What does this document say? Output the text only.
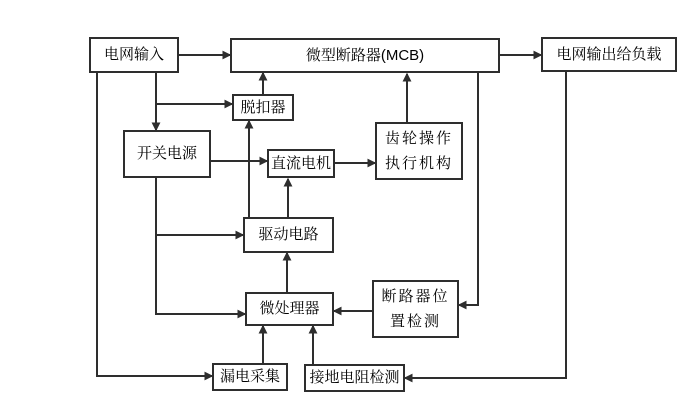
电网输入	微型断路器(MCB)	电网输出给负载
脱扣器
开关电源
直流电机
齿轮操作
执行机构
驱动电路
微处理器
断路器位
置检测
漏电采集 接地电阻检测
